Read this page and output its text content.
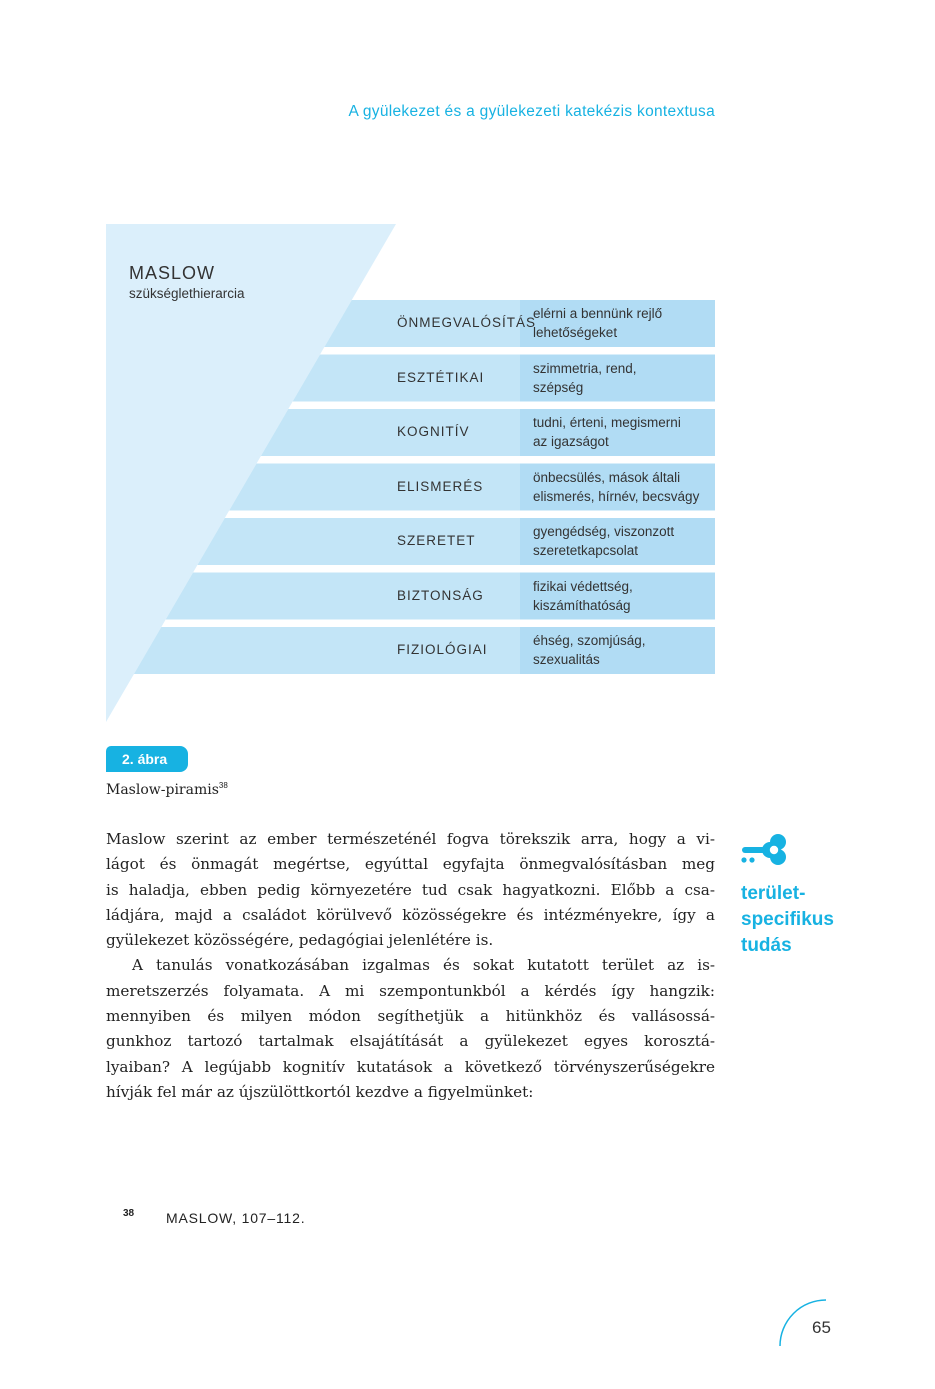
A gyülekezet és a gyülekezeti katekézis kontextusa
MASLOW
szükséglethierarcia
ÖNMEGVALÓSÍTÁS
elérni a bennünk rejlő
lehetőségeket
ESZTÉTIKAI
szimmetria, rend,
szépség
KOGNITÍV
tudni, érteni, megismerni
az igazságot
ELISMERÉS
önbecsülés, mások általi
elismerés, hírnév, becsvágy
SZERETET
gyengédség, viszonzott
szeretetkapcsolat
BIZTONSÁG
fizikai védettség,
kiszámíthatóság
FIZIOLÓGIAI
éhség, szomjúság,
szexualitás
2. ábra
Maslow-piramis$^{38}$
Maslow szerint az ember természeténél fogva törekszik arra, hogy a vi-
lágot és önmagát megértse, egyúttal egyfajta önmegvalósításban meg
is haladja, ebben pedig környezetére tud csak hagyatkozni. Előbb a csa-
ládjára, majd a családot körülvevő közösségekre és intézményekre, így a
gyülekezet közösségére, pedagógiai jelenlétére is.
A tanulás vonatkozásában izgalmas és sokat kutatott terület az is-
meretszerzés folyamata. A mi szempontunkból a kérdés így hangzik:
mennyiben és milyen módon segíthetjük a hitünkhöz és vallásossá-
gunkhoz tartozó tartalmak elsajátítását a gyülekezet egyes korosztá-
lyaiban? A legújabb kognitív kutatások a következő törvényszerűségekre
hívják fel már az újszülöttkortól kezdve a figyelmünket:
terület-
specifikus
tudás
38 MASLOW, 107–112.
65
